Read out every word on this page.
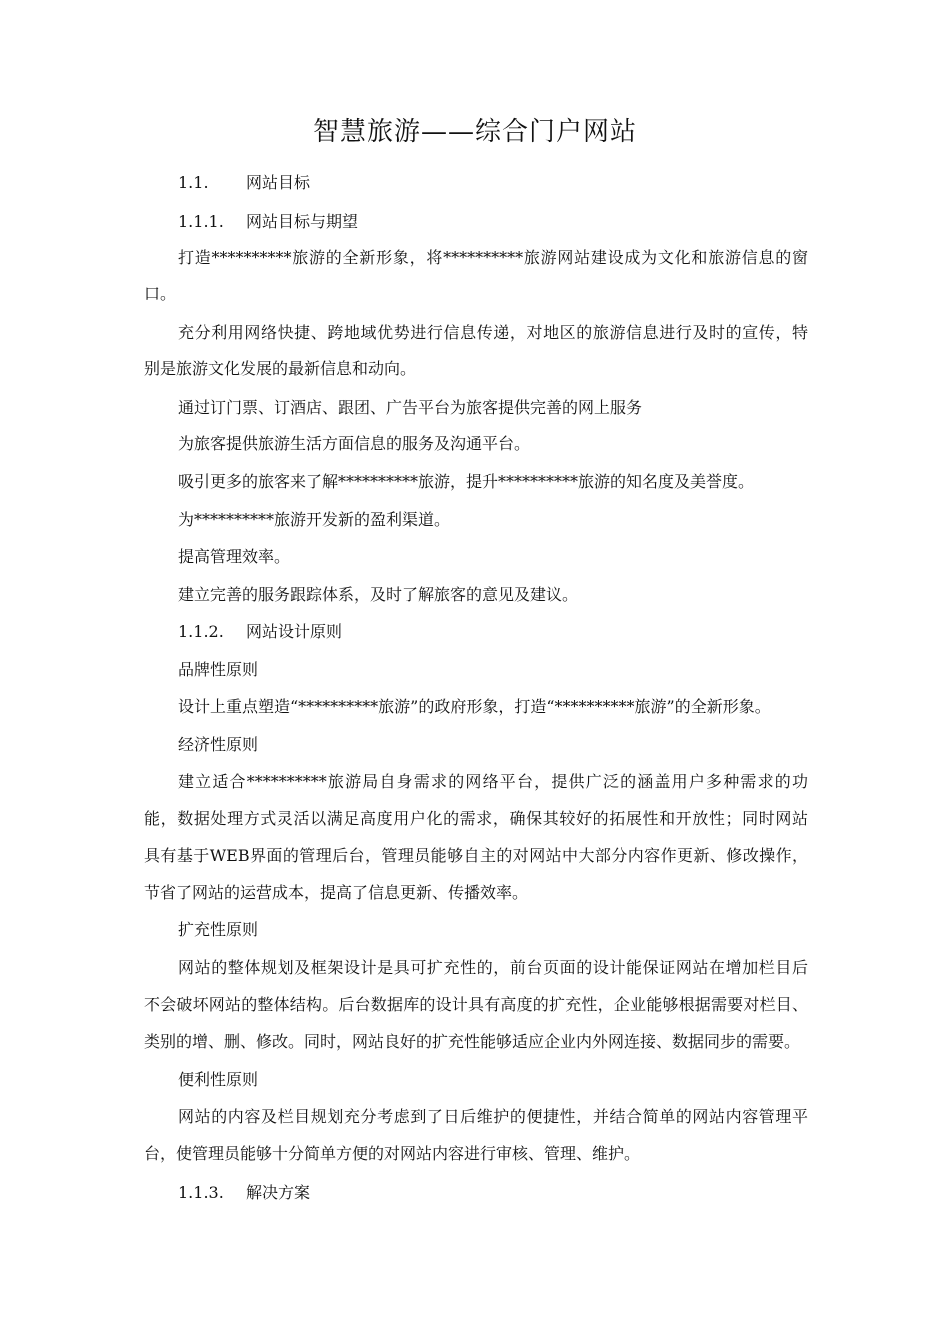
智慧旅游——综合门户网站
1.1. 网站目标
1.1.1. 网站目标与期望
打造**********旅游的全新形象，将**********旅游网站建设成为文化和旅游信息的窗
口。
充分利用网络快捷、跨地域优势进行信息传递，对地区的旅游信息进行及时的宣传，特
别是旅游文化发展的最新信息和动向。
通过订门票、订酒店、跟团、广告平台为旅客提供完善的网上服务
为旅客提供旅游生活方面信息的服务及沟通平台。
吸引更多的旅客来了解**********旅游，提升**********旅游的知名度及美誉度。
为**********旅游开发新的盈利渠道。
提高管理效率。
建立完善的服务跟踪体系，及时了解旅客的意见及建议。
1.1.2. 网站设计原则
品牌性原则
设计上重点塑造“**********旅游”的政府形象，打造“**********旅游”的全新形象。
经济性原则
建立适合**********旅游局自身需求的网络平台，提供广泛的涵盖用户多种需求的功
能，数据处理方式灵活以满足高度用户化的需求，确保其较好的拓展性和开放性；同时网站
具有基于WEB界面的管理后台，管理员能够自主的对网站中大部分内容作更新、修改操作，
节省了网站的运营成本，提高了信息更新、传播效率。
扩充性原则
网站的整体规划及框架设计是具可扩充性的，前台页面的设计能保证网站在增加栏目后
不会破坏网站的整体结构。后台数据库的设计具有高度的扩充性，企业能够根据需要对栏目、
类别的增、删、修改。同时，网站良好的扩充性能够适应企业内外网连接、数据同步的需要。
便利性原则
网站的内容及栏目规划充分考虑到了日后维护的便捷性，并结合简单的网站内容管理平
台，使管理员能够十分简单方便的对网站内容进行审核、管理、维护。
1.1.3. 解决方案
